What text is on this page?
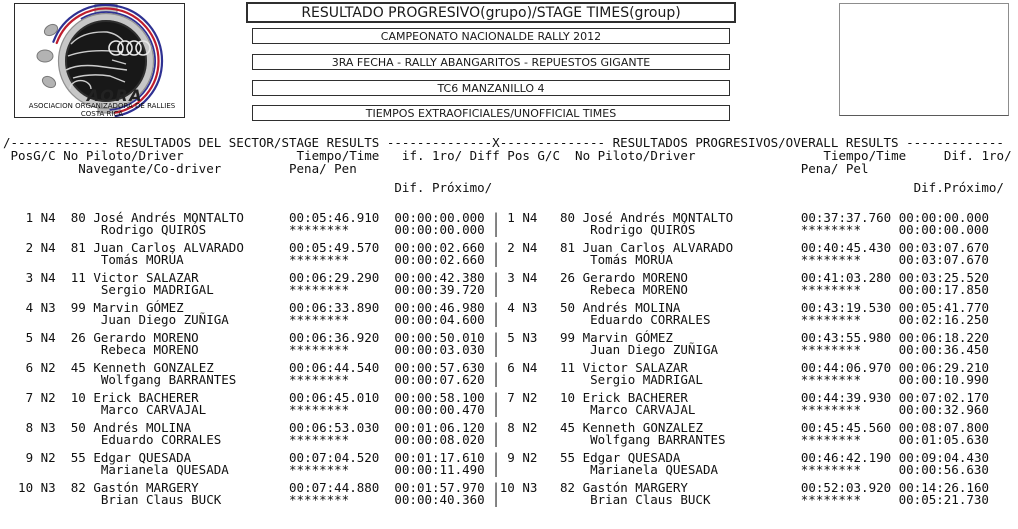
AORA
ASOCIACION ORGANIZADORA DE RALLIES
COSTA RICA
RESULTADO PROGRESIVO(grupo)/STAGE TIMES(group)
CAMPEONATO NACIONALDE RALLY 2012
3RA FECHA - RALLY ABANGARITOS - REPUESTOS GIGANTE
TC6 MANZANILLO 4
TIEMPOS EXTRAOFICIALES/UNOFFICIAL TIMES
/------------- RESULTADOS DEL SECTOR/STAGE RESULTS --------------X-------------- RESULTADOS PROGRESIVOS/OVERALL RESULTS -------------
PosG/C No Piloto/Driver	Tiempo/Time if. 1ro/ Diff Pos G/C No Piloto/Driver	Tiempo/Time	Dif. 1ro/
Navegante/Co-driver	Pena/ Pen	Pena/ Pel
Dif. Próximo/	Dif.Próximo/
1 N4  80 José Andrés MONTALTO      00:05:46.910 00:00:00.000 | 1 N4 80 José Andrés MONTALTO         00:37:37.760 00:00:00.000
Rodrigo QUIRÓS           ********      00:00:00.000 |	Rodrigo QUIRÓS              ********     00:00:00.000
2 N4  81 Juan Carlos ALVARADO      00:05:49.570 00:00:02.660 | 2 N4 81 Juan Carlos ALVARADO         00:40:45.430 00:03:07.670
Tomás MORÚA              ********      00:00:02.660 |	Tomás MORÚA                 ********     00:03:07.670
3 N4  11 Victor SALAZAR            00:06:29.290 00:00:42.380 | 3 N4 26 Gerardo MORENO               00:41:03.280 00:03:25.520
Sergio MADRIGAL          ********      00:00:39.720 |	Rebeca MORENO               ********     00:00:17.850
4 N3  99 Marvin GÓMEZ              00:06:33.890 00:00:46.980 | 4 N3 50 Andrés MOLINA                00:43:19.530 00:05:41.770
Juan Diego ZUÑIGA        ********      00:00:04.600 |	Eduardo CORRALES            ********     00:02:16.250
5 N4  26 Gerardo MORENO            00:06:36.920 00:00:50.010 | 5 N3 99 Marvin GÓMEZ                 00:43:55.980 00:06:18.220
Rebeca MORENO            ********      00:00:03.030 |	Juan Diego ZUÑIGA           ********     00:00:36.450
6 N2  45 Kenneth GONZALEZ          00:06:44.540 00:00:57.630 | 6 N4 11 Victor SALAZAR               00:44:06.970 00:06:29.210
Wolfgang BARRANTES       ********      00:00:07.620 |	Sergio MADRIGAL             ********     00:00:10.990
7 N2  10 Erick BACHERER            00:06:45.010 00:00:58.100 | 7 N2 10 Erick BACHERER               00:44:39.930 00:07:02.170
Marco CARVAJAL           ********      00:00:00.470 |	Marco CARVAJAL              ********     00:00:32.960
8 N3  50 Andrés MOLINA             00:06:53.030 00:01:06.120 | 8 N2 45 Kenneth GONZALEZ             00:45:45.560 00:08:07.800
Eduardo CORRALES         ********      00:00:08.020 |	Wolfgang BARRANTES          ********     00:01:05.630
9 N2  55 Edgar QUESADA             00:07:04.520 00:01:17.610 | 9 N2 55 Edgar QUESADA                00:46:42.190 00:09:04.430
Marianela QUESADA        ********      00:00:11.490 |	Marianela QUESADA           ********     00:00:56.630
10 N3  82 Gastón MARGERY            00:07:44.880 00:01:57.970 |10 N3 82 Gastón MARGERY               00:52:03.920 00:14:26.160
Brian Claus BUCK         ********      00:00:40.360 |	Brian Claus BUCK            ********     00:05:21.730
